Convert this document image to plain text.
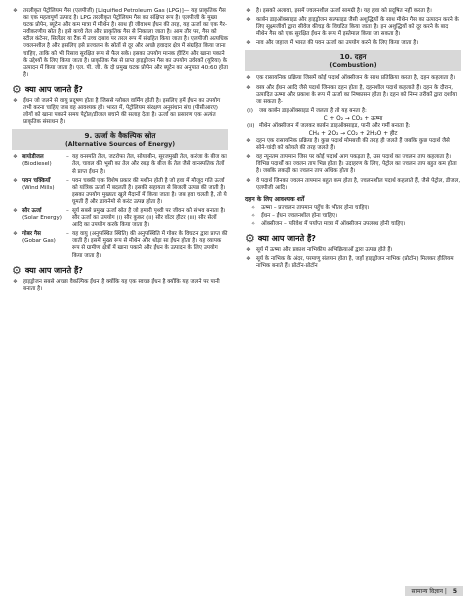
❖ तरलीकृत पेट्रोलियम गैस (एलपीजी) [Liquified Petroleum Gas (LPG)]— यह प्राकृतिक गैस का एक महत्वपूर्ण उत्पाद है। LPG तरलीकृत पेट्रोलियम गैस का संक्षिप्त रूप है। एलपीजी के मुख्य घटक प्रोपेन, ब्यूटेन और कम मात्रा में मीथेन है। साथ ही जीवाश्म ईंधन की तरह, यह ऊर्जा का एक गैर-नवीकरणीय स्रोत है। इसे कच्चे तेल और प्राकृतिक गैस से निकाला जाता है। आम तौर पर, गैस को स्टील कंटेनर, सिलेंडर या टैंक में उच्च दबाव पर तरल रूप में संग्रहित किया जाता है। एलपीजी अत्यधिक ज्वलनशील है और इसलिए इसे प्रज्वलन के स्रोतों से दूर और अच्छे हवादार क्षेत्र में संग्रहित किया जाना चाहिए, ताकि को भी रिसाव सुरक्षित रूप से फैल सके। इसका उपयोग मानक हीटिंग और खाना पकाने के उद्देश्यों के लिए किया जाता है। प्राकृतिक गैस से प्राप्त हाइड्रोजन गैस का उपयोग उर्वरकों (यूरिया) के उत्पादन में किया जाता है। एल. पी. जी. के दो प्रमुख घटक प्रोपेन और ब्यूटेन का अनुपात 40:60 होता है।
⚙ क्या आप जानते हैं?
❖ ईंधन जो जलने से वायु प्रदूषण होता है जिससे ग्लोबल वार्मिंग होती है। इसलिए हमें ईंधन का उपयोग तभी करना चाहिए जब वह आवश्यक हो। भारत में, पेट्रोलियम संरक्षण अनुसंधान संघ (पीसीआरए) लोगों को खाना पकाने समय पेट्रोल/डीजल बचाने की सलाह देता है। ऊर्जा का प्रसारण एक अत्यंत प्राकृतिक संसाधन है।
9. ऊर्जा के वैकल्पिक स्रोत
(Alternative Sources of Energy)
❖ बायोडीजल
(Biodiesel)
– यह वनस्पति तेल, जटरोफा तेल, सोयाबीन, सूरजमुखी तेल, करंजा के बीज का तेल, चावल की भूसी का तेल और रबड़ के बीज के तेल जैसे वानस्पतिक तेलों से प्राप्त ईंधन है।
❖ पवन चक्कियाँ
(Wind Mills)
– पवन चक्की एक विशेष प्रकार की मशीन होती है जो हवा में मौजूद गति ऊर्जा को यांत्रिक ऊर्जा में बदलती है। इसकी सहायता से बिजली उत्पन्न की जाती है। इसका उपयोग मुख्यतः खुले मैदानों में किया जाता है। जब हवा चलती है, तो ये घूमती हैं और डायनेमो से करंट उत्पन्न होता है।
❖ सौर ऊर्जा
(Solar Energy)
– सूर्य सबसे प्रमुख ऊर्जा स्रोत है जो हमारी पृथ्वी पर जीवन को संभव बनाता है। सौर ऊर्जा का उपयोग (i) सौर कुकर (ii) सौर वॉटर हीटर (iii) सौर सेलों आदि का उपयोग करके किया जाता है।
❖ गोबर गैस
(Gobar Gas)
– यह वायु (अनुपस्थित स्थिति) की अनुपस्थिति में गोबर के विघटन द्वारा प्राप्त की जाती है। इसमें मुख्य रूप से मीथेन और थोड़ा सा ईंधन होता है। यह व्यापक रूप से ग्रामीण क्षेत्रों में खाना पकाने और ईंधन के उत्पादन के लिए उपयोग किया जाता है।
⚙ क्या आप जानते हैं?
❖ हाइड्रोजन सबसे अच्छा वैकल्पिक ईंधन है क्योंकि यह एक स्वच्छ ईंधन है क्योंकि यह जलने पर पानी बनाता है।
❖ है। इसको अलावा, इसमें ज्वलनशील ऊर्जा सामग्री है। यह हवा को प्रदूषित नहीं करता है।
❖ कार्बन डाइऑक्साइड और हाइड्रोजन सल्फाइड जैसी अशुद्धियों के साथ मीथेन गैस का उत्पादन करने के लिए सूक्ष्मजीवों द्वारा सीवेज कीचड़ के विघटित किया जाता है। इन अशुद्धियों को दूर करने के बाद मीथेन गैस को एक सुरक्षित ईंधन के रूप में इस्तेमाल किया जा सकता है।
❖ नाव और जहाज में भारत की पवन ऊर्जा का उपयोग करने के लिए किया जाता है।
10. दहन
(Combustion)
❖ एक रासायनिक प्रक्रिया जिसमें कोई पदार्थ ऑक्सीजन के साथ प्रतिक्रिया करता है, दहन कहलाता है।
❖ वस्त्र और ईंधन आदि जैसे पदार्थ जिनका दहन होता है, दहनशील पदार्थ कहलाते हैं। दहन के दौरान, उत्पादित ऊष्मा और प्रकाश के रूप में ऊर्जा का निष्कासन होता है। दहन को निम्न तरीकों द्वारा दर्शाया जा सकता है-

(i) जब कार्बन डाइऑक्साइड में जलता है तो यह बनता है:

C + O₂ → CO₂ + ऊष्मा

(ii) मीथेन ऑक्सीजन में जलकर कार्बन डाइऑक्साइड, पानी और गर्मी बनाता है:

CH₄ + 2O₂ → CO₂ + 2H₂O + हीट
❖ दहन एक रासायनिक प्रक्रिया है। कुछ पदार्थ मोमबत्ती की तरह ही जलते हैं जबकि कुछ पदार्थ जैसे सोने-चांदी को कोयले की तरह जलते हैं।
❖ वह न्यूनतम तापमान जिस पर कोई पदार्थ आग पकड़ता है, उस पदार्थ का ज्वलन ताप कहलाता है। विभिन्न पदार्थों का ज्वलन ताप भिन्न होता है। उदाहरण के लिए, पेट्रोल का ज्वलन ताप बहुत कम होता है। जबकि लकड़ी का ज्वलन ताप अधिक होता है।
❖ वे पदार्थ जिनका ज्वलन तापमान बहुत कम होता है, ज्वलनशील पदार्थ कहलाते हैं, जैसे पेट्रोल, डीजल, एलपीजी आदि।
दहन के लिए आवश्यक शर्तें
✧ ऊष्मा – प्रज्वलन तापमान पहुँच के भीतर होना चाहिए।
✧ ईंधन – ईंधन ज्वलनशील होना चाहिए।
✧ ऑक्सीजन – परिवेश में पर्याप्त मात्रा में ऑक्सीजन उपलब्ध होनी चाहिए।
⚙ क्या आप जानते हैं?
❖ सूर्य में ऊष्मा और प्रकाश नाभिकीय अभिक्रियाओं द्वारा उत्पन्न होते हैं।
❖ सूर्य के नाभिक के अंदर, परमाणु संलयन होता है, जहाँ हाइड्रोजन नाभिक (प्रोटॉन) मिलकर हीलियम नाभिक बनाते हैं। प्रोटॉन-प्रोटॉन
सामान्य विज्ञान | 5
